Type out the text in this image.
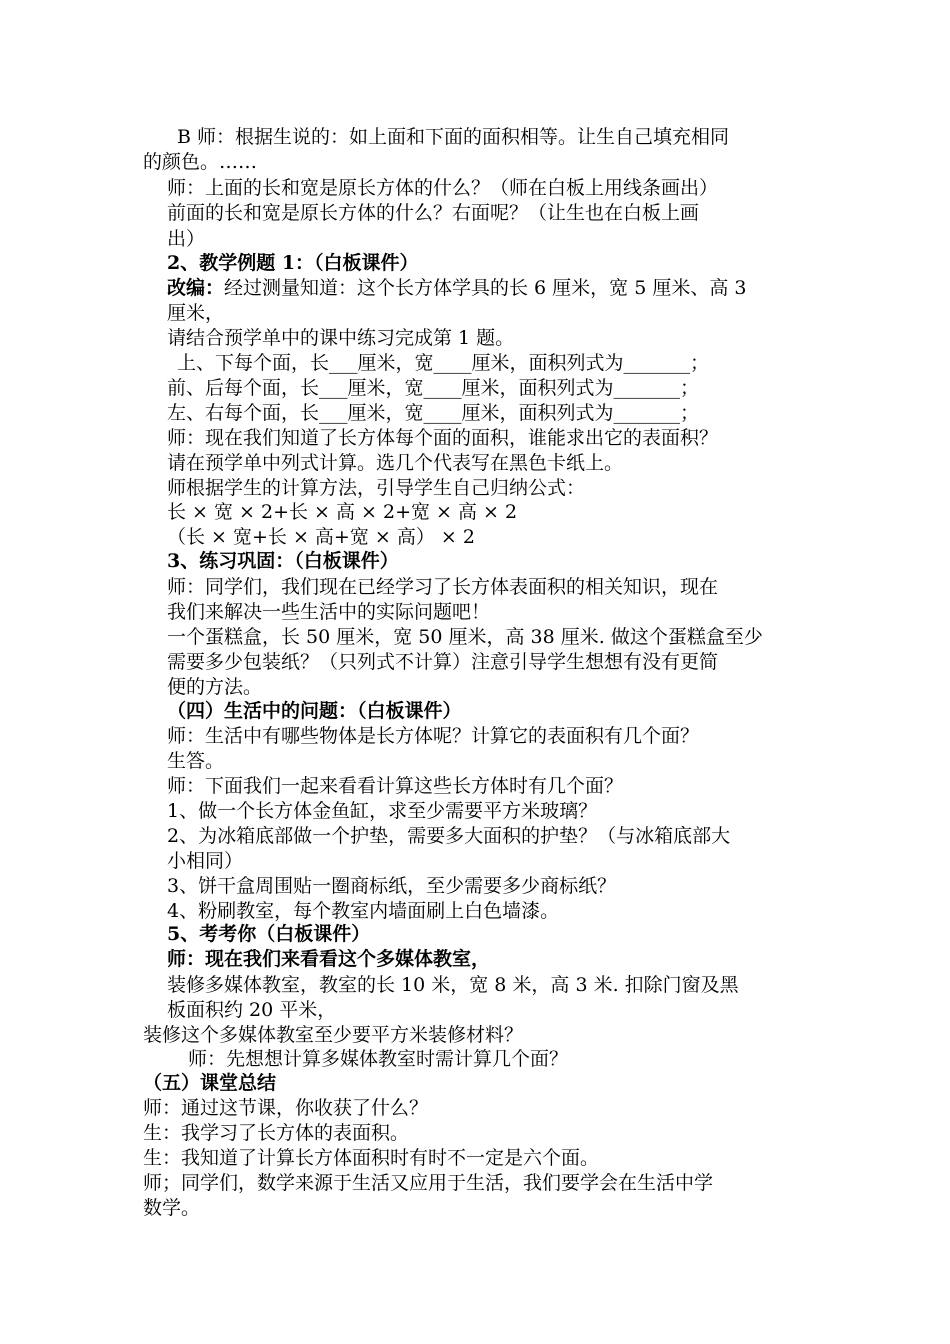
B 师：根据生说的：如上面和下面的面积相等。让生自己填充相同
的颜色。……
师：上面的长和宽是原长方体的什么？（师在白板上用线条画出）
前面的长和宽是原长方体的什么？右面呢？（让生也在白板上画
出）
2、教学例题 1：（白板课件）
改编：经过测量知道：这个长方体学具的长 6 厘米，宽 5 厘米、高 3
厘米，
请结合预学单中的课中练习完成第 1 题。
上、下每个面，长___厘米，宽____厘米，面积列式为_______；
前、后每个面，长___厘米，宽____厘米，面积列式为_______；
左、右每个面，长___厘米，宽____厘米，面积列式为_______；
师：现在我们知道了长方体每个面的面积，谁能求出它的表面积？
请在预学单中列式计算。选几个代表写在黑色卡纸上。
师根据学生的计算方法，引导学生自己归纳公式：
长 × 宽 × 2+长 × 高 × 2+宽 × 高 × 2
（长 × 宽+长 × 高+宽 × 高） × 2
3、练习巩固：（白板课件）
师：同学们，我们现在已经学习了长方体表面积的相关知识，现在
我们来解决一些生活中的实际问题吧！
一个蛋糕盒，长 50 厘米，宽 50 厘米，高 38 厘米. 做这个蛋糕盒至少
需要多少包装纸？（只列式不计算）注意引导学生想想有没有更简
便的方法。
（四）生活中的问题：（白板课件）
师：生活中有哪些物体是长方体呢？计算它的表面积有几个面？
生答。
师：下面我们一起来看看计算这些长方体时有几个面？
1、做一个长方体金鱼缸，求至少需要平方米玻璃？
2、为冰箱底部做一个护垫，需要多大面积的护垫？（与冰箱底部大
小相同）
3、饼干盒周围贴一圈商标纸，至少需要多少商标纸？
4、粉刷教室，每个教室内墙面刷上白色墙漆。
5、考考你（白板课件）
师：现在我们来看看这个多媒体教室，
装修多媒体教室，教室的长 10 米，宽 8 米，高 3 米. 扣除门窗及黑
板面积约 20 平米，
装修这个多媒体教室至少要平方米装修材料？
师：先想想计算多媒体教室时需计算几个面？
（五）课堂总结
师：通过这节课，你收获了什么？
生：我学习了长方体的表面积。
生：我知道了计算长方体面积时有时不一定是六个面。
师；同学们，数学来源于生活又应用于生活，我们要学会在生活中学
数学。
